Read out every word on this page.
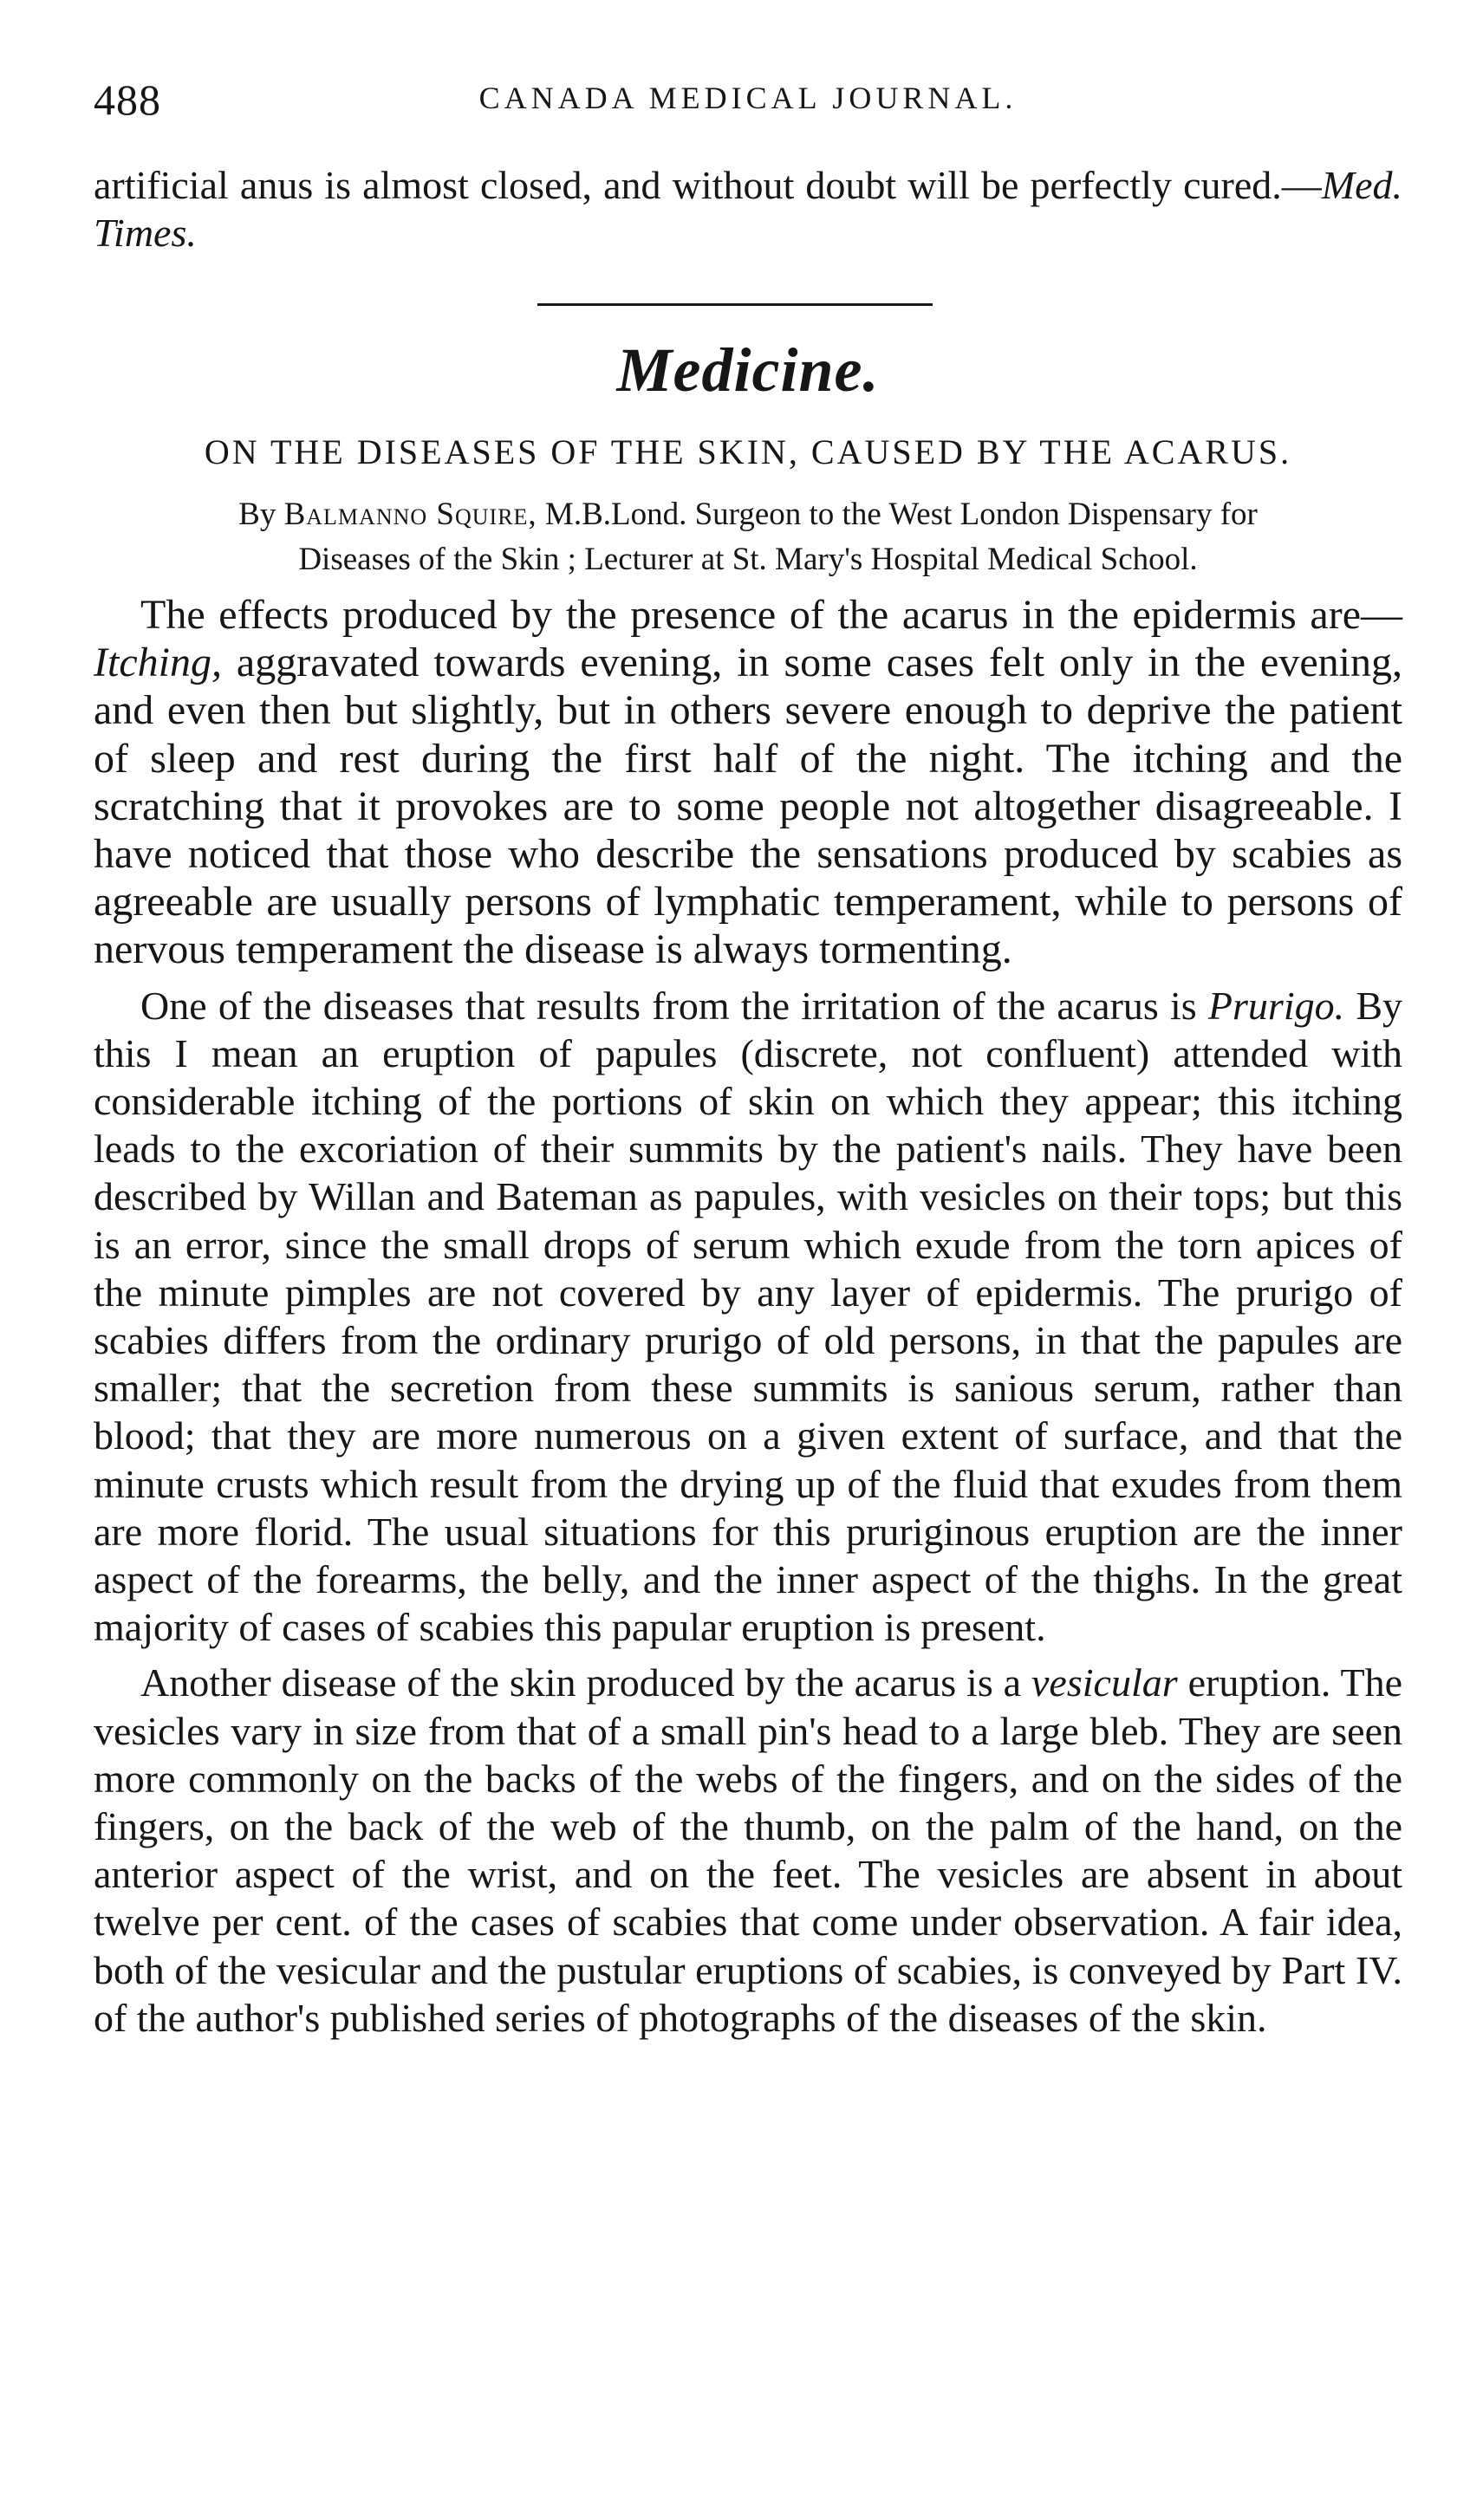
488	CANADA MEDICAL JOURNAL.

artificial anus is almost closed, and without doubt will be perfectly cured.—Med. Times.

Medicine.
ON THE DISEASES OF THE SKIN, CAUSED BY THE ACARUS.
By Balmanno Squire, M.B.Lond. Surgeon to the West London Dispensary for
Diseases of the Skin ; Lecturer at St. Mary's Hospital Medical School.

The effects produced by the presence of the acarus in the epidermis are—Itching, aggravated towards evening, in some cases felt only in the evening, and even then but slightly, but in others severe enough to deprive the patient of sleep and rest during the first half of the night. The itching and the scratching that it provokes are to some people not altogether disagreeable. I have noticed that those who describe the sensations produced by scabies as agreeable are usually persons of lymphatic temperament, while to persons of nervous temperament the disease is always tormenting.

One of the diseases that results from the irritation of the acarus is Prurigo. By this I mean an eruption of papules (discrete, not confluent) attended with considerable itching of the portions of skin on which they appear; this itching leads to the excoriation of their summits by the patient's nails. They have been described by Willan and Bateman as papules, with vesicles on their tops; but this is an error, since the small drops of serum which exude from the torn apices of the minute pimples are not covered by any layer of epidermis. The prurigo of scabies differs from the ordinary prurigo of old persons, in that the papules are smaller; that the secretion from these summits is sanious serum, rather than blood; that they are more numerous on a given extent of surface, and that the minute crusts which result from the drying up of the fluid that exudes from them are more florid. The usual situations for this pruriginous eruption are the inner aspect of the forearms, the belly, and the inner aspect of the thighs. In the great majority of cases of scabies this papular eruption is present.

Another disease of the skin produced by the acarus is a vesicular eruption. The vesicles vary in size from that of a small pin's head to a large bleb. They are seen more commonly on the backs of the webs of the fingers, and on the sides of the fingers, on the back of the web of the thumb, on the palm of the hand, on the anterior aspect of the wrist, and on the feet. The vesicles are absent in about twelve per cent. of the cases of scabies that come under observation. A fair idea, both of the vesicular and the pustular eruptions of scabies, is conveyed by Part IV. of the author's published series of photographs of the diseases of the skin.
